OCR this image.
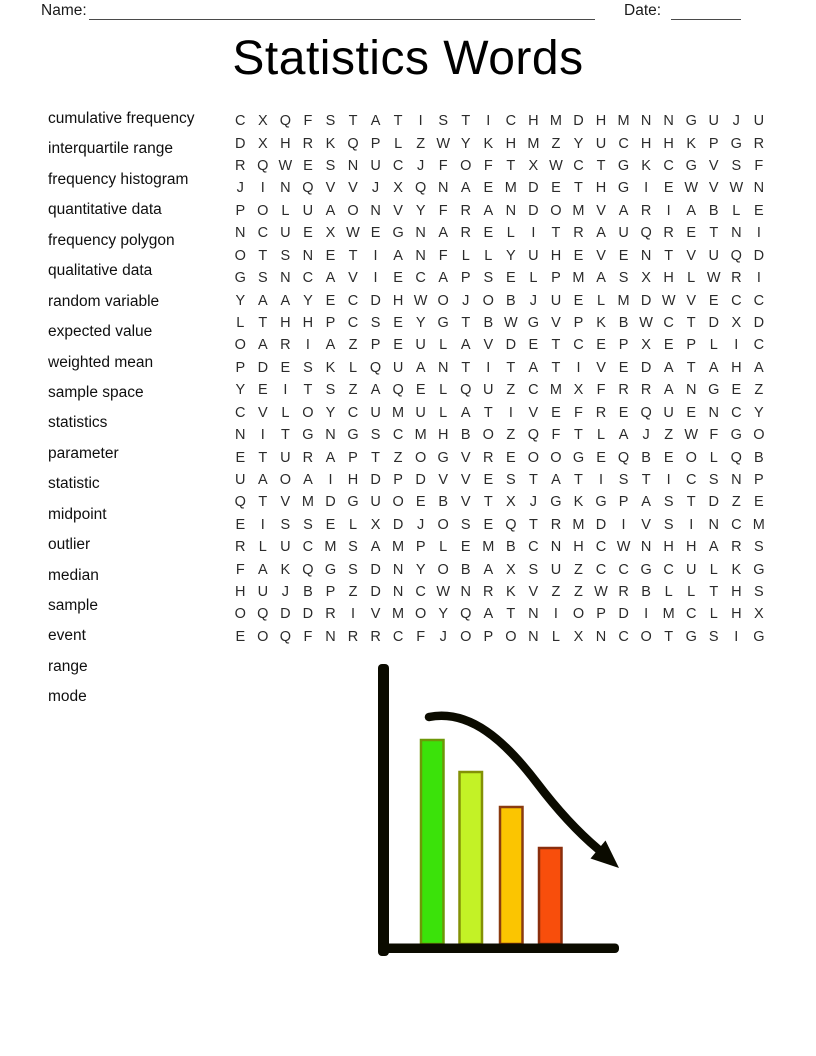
Name:	Date:
Statistics Words
cumulative frequency
interquartile range
frequency histogram
quantitative data
frequency polygon
qualitative data
random variable
expected value
weighted mean
sample space
statistics
parameter
statistic
midpoint
outlier
median
sample
event
range
mode
C X Q F S T A T	I	S T	I	C H M D H M N N G U J U
D X H R K Q P L Z W Y K H M Z Y U C H H K P G R
R Q W E S N U C J	F O F T X W C T G K C G V S F
J	I	N Q V V J X Q N A E M D E T H G	I	E W V W N
P O L U A O N V Y F R A N D O M V A R	I	A B L E
N C U E X W E G N A R E L	I	T R A U Q R E T N	I
O T S N E T	I	A N F L L Y U H E V E N T V U Q D
G S N C A V	I	E C A P S E L P M A S X H L W R	I
Y A A Y E C D H W O J O B J U E L M D W V E C C
L T H H P C S E Y G T B W G V P K B W C T D X D
O A R	I	A Z P E U L A V D E T C E P X E P L	I	C
P D E S K L Q U A N T	I	T A T	I	V E D A T A H A
Y E	I	T S Z A Q E L Q U Z C M X F R R A N G E Z
C V L O Y C U M U L A T	I	V E F R E Q U E N C Y
N	I	T G N G S C M H B O Z Q F T L A J	Z W F G O
E T U R A P T Z O G V R E O O G E Q B E O L Q B
U A O A	I	H D P D V V E S T A T	I	S T	I	C S N P
Q T V M D G U O E B V T X J G K G P A S T D Z E
E	I	S S E L X D J O S E Q T R M D	I	V S	I	N C M
R L U C M S A M P L E M B C N H C W N H H A R S
F A K Q G S D N Y O B A X S U Z C C G C U L K G
H U J B P Z D N C W N R K V Z Z W R B L L T H S
O Q D D R	I	V M O Y Q A T N	I	O P D	I M C L H X
E O Q F N R R C F J O P O N L X N C O T G S	I	G
